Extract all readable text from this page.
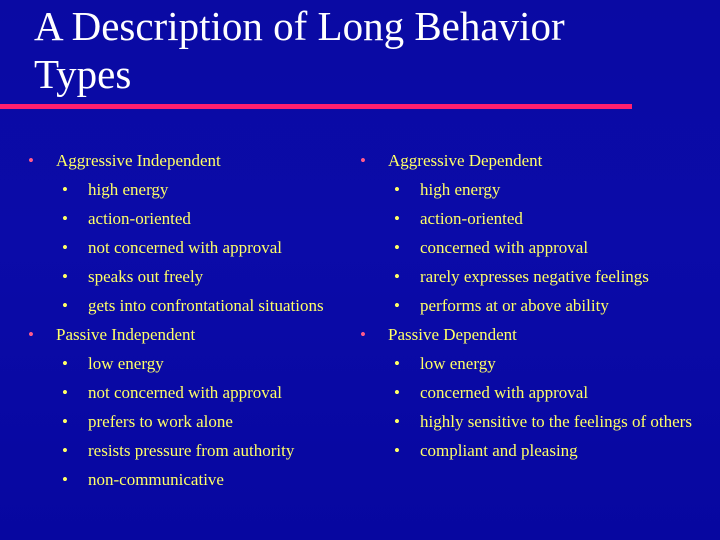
A Description of Long Behavior Types
• Aggressive Independent
• high energy
• action-oriented
• not concerned with approval
• speaks out freely
• gets into confrontational situations
• Passive Independent
• low energy
• not concerned with approval
• prefers to work alone
• resists pressure from authority
• non-communicative
• Aggressive Dependent
• high energy
• action-oriented
• concerned with approval
• rarely expresses negative feelings
• performs at or above ability
• Passive Dependent
• low energy
• concerned with approval
• highly sensitive to the feelings of others
• compliant and pleasing
